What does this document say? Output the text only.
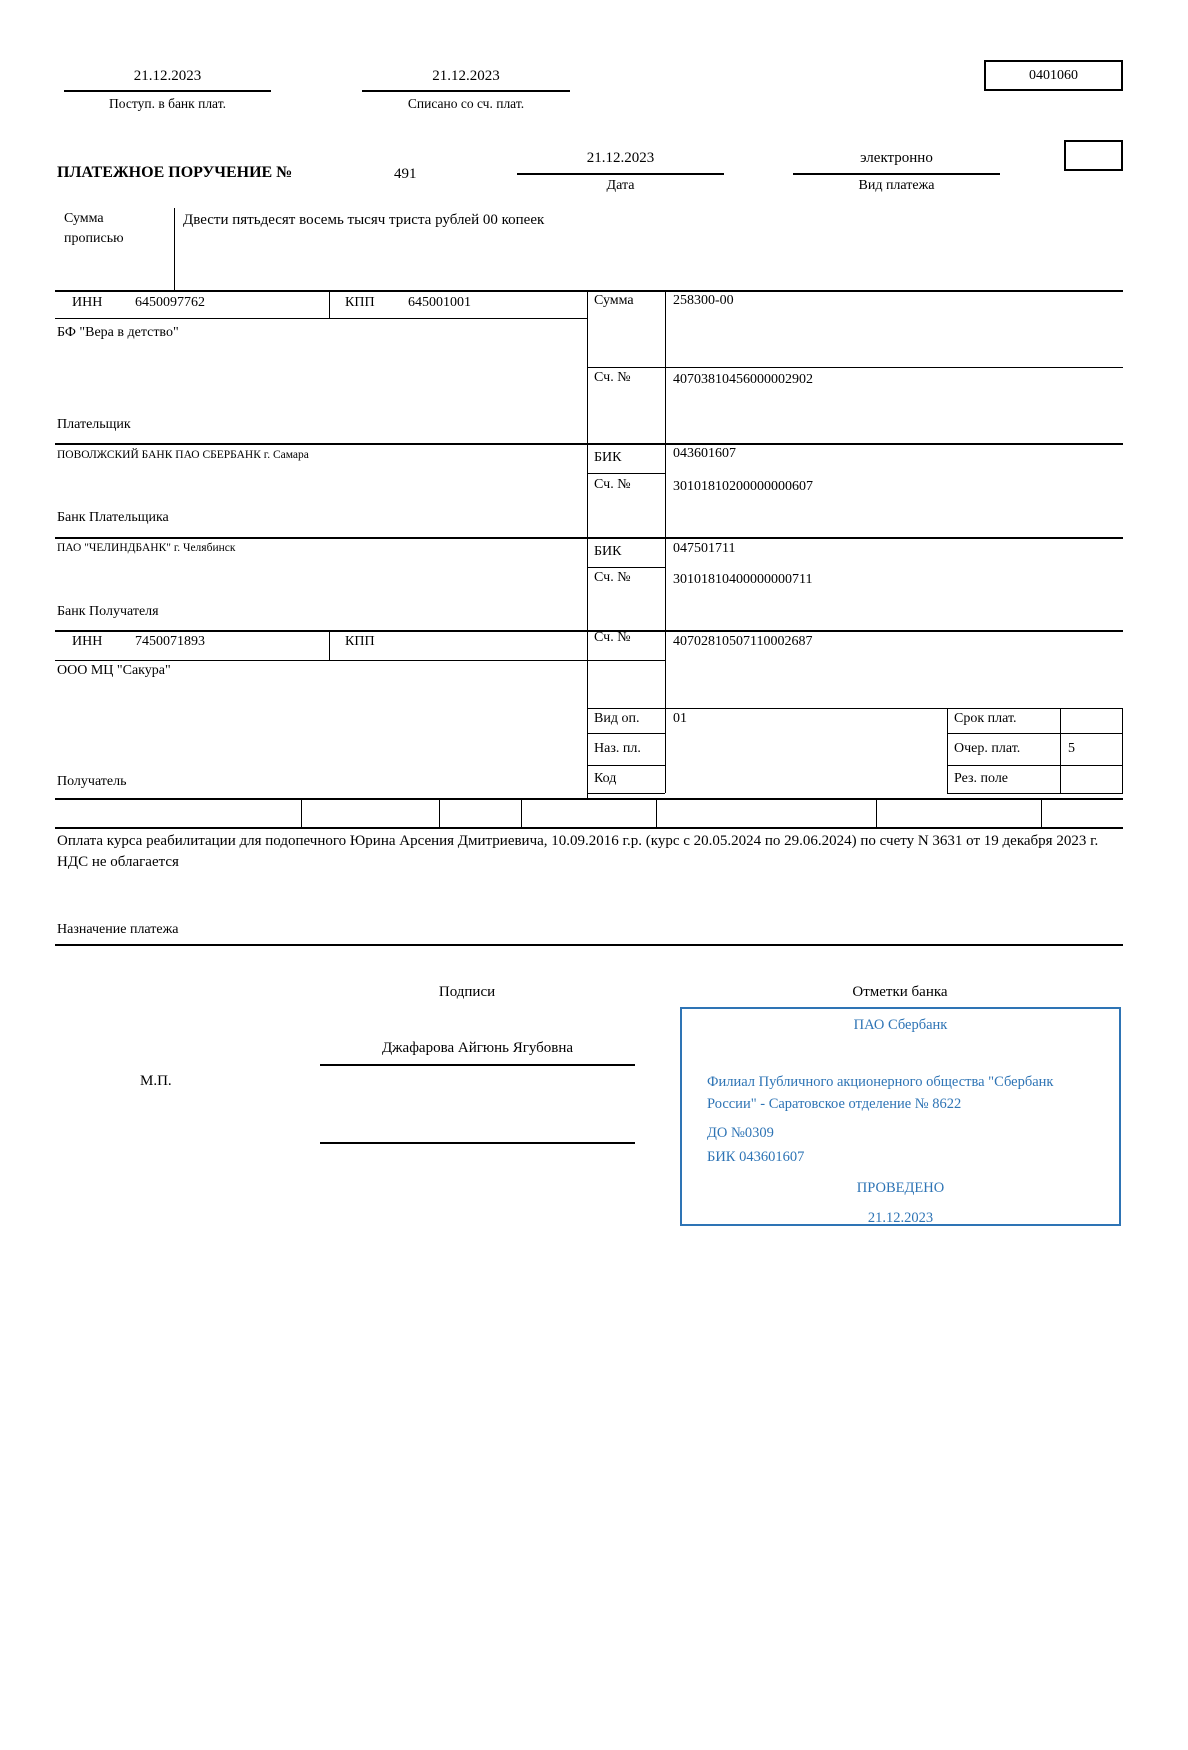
21.12.2023
Поступ. в банк плат.
21.12.2023
Списано со сч. плат.
0401060
ПЛАТЕЖНОЕ ПОРУЧЕНИЕ №	491
21.12.2023
Дата
электронно
Вид платежа
Сумма
прописью
Двести пятьдесят восемь тысяч триста рублей 00 копеек
ИНН 6450097762	КПП 645001001	Сумма	258300-00
БФ "Вера в детство"
Сч. №	40703810456000002902
Плательщик
ПОВОЛЖСКИЙ БАНК ПАО СБЕРБАНК г. Самара	БИК	043601607
Сч. №	30101810200000000607
Банк Плательщика
ПАО "ЧЕЛИНДБАНК" г. Челябинск	БИК	047501711
Сч. №	30101810400000000711
Банк Получателя
ИНН 7450071893	КПП	Сч. №	40702810507110002687
ООО МЦ "Сакура"
Получатель
Вид оп. 01	Срок плат.
Наз. пл.	Очер. плат.	5
Код	Рез. поле
Оплата курса реабилитации для подопечного Юрина Арсения Дмитриевича, 10.09.2016 г.р. (курс с 20.05.2024 по 29.06.2024) по счету N 3631 от 19 декабря 2023 г. НДС не облагается
Назначение платежа
Подписи	Отметки банка
Джафарова Айгюнь Ягубовна
М.П.
ПАО Сбербанк
Филиал Публичного акционерного общества "Сбербанк России" - Саратовское отделение № 8622
ДО №0309
БИК 043601607
ПРОВЕДЕНО
21.12.2023
